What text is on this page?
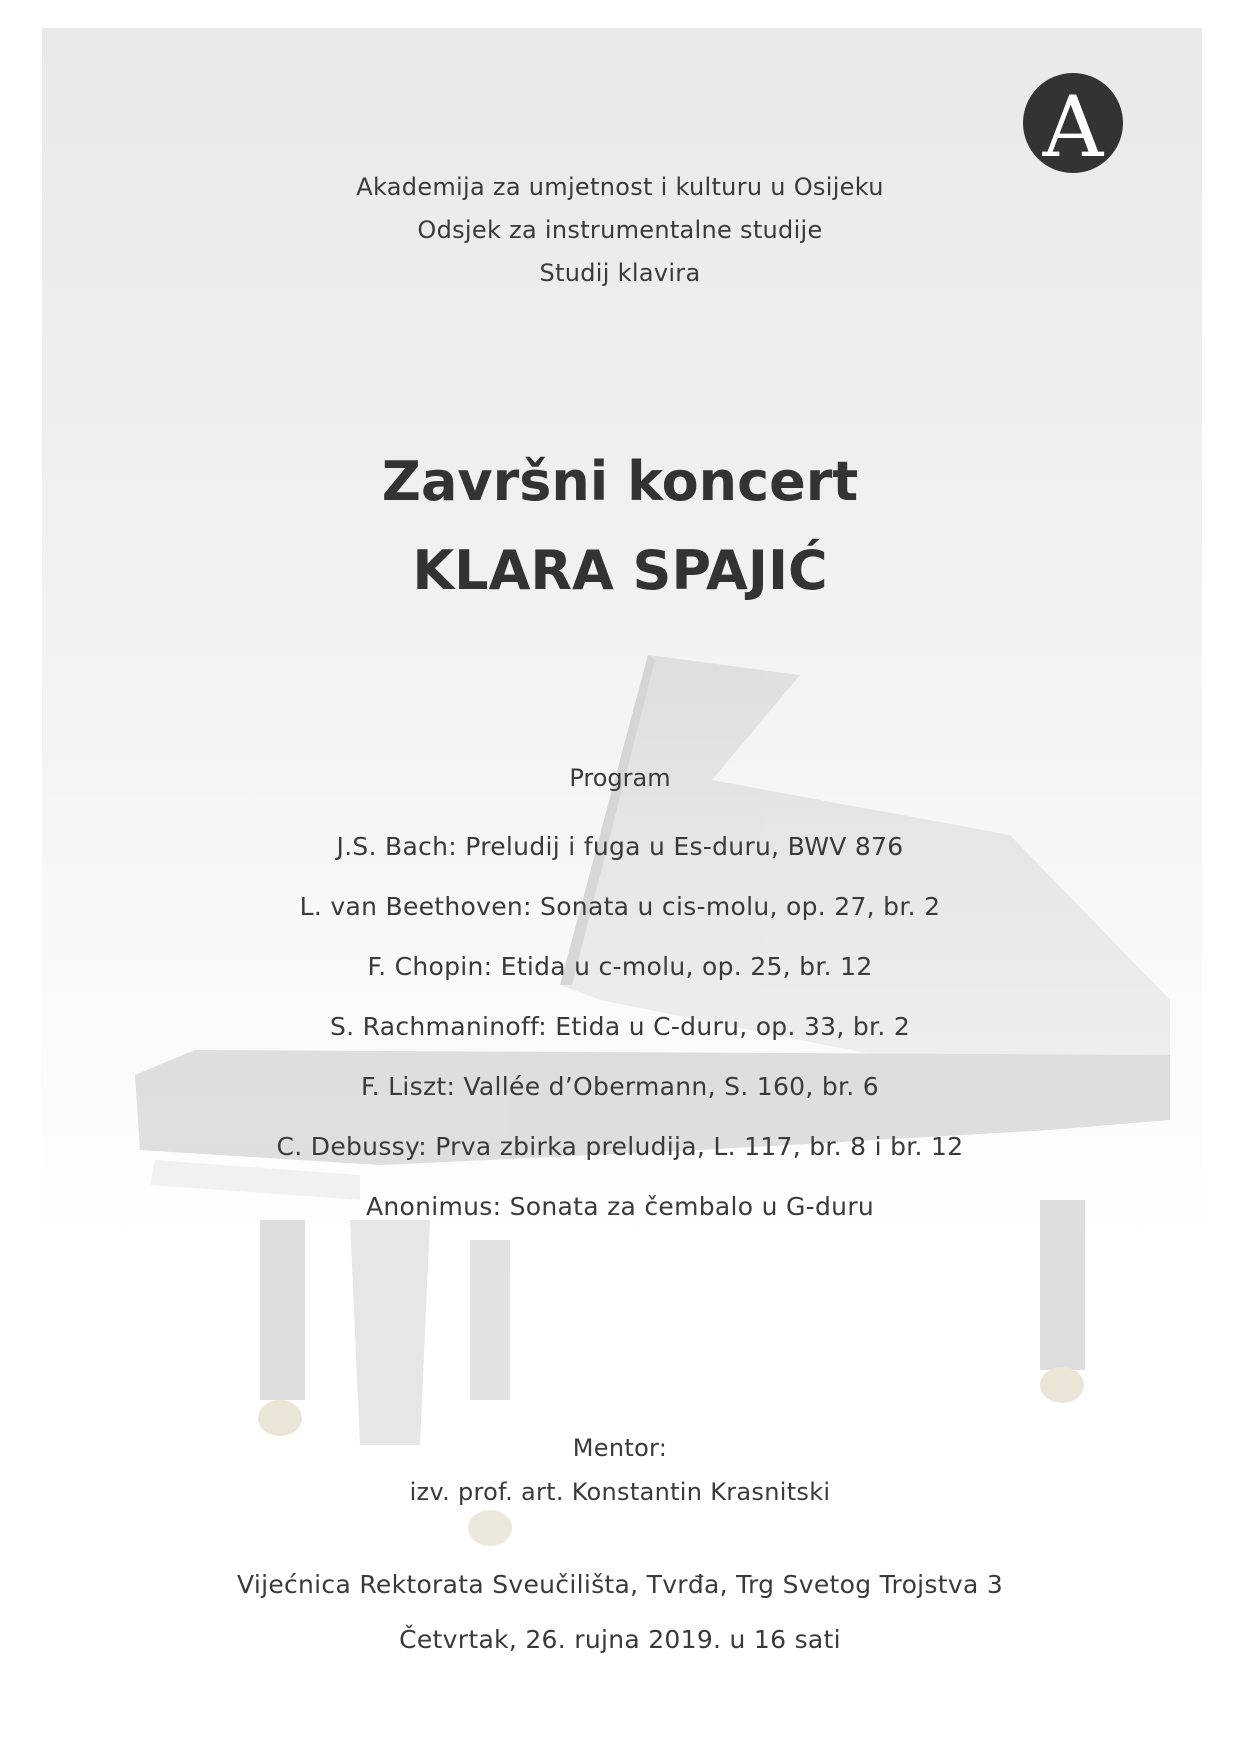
A
Akademija za umjetnost i kulturu u Osijeku
Odsjek za instrumentalne studije
Studij klavira
Završni koncert
KLARA SPAJIĆ
Program
J.S. Bach: Preludij i fuga u Es-duru, BWV 876
L. van Beethoven: Sonata u cis-molu, op. 27, br. 2
F. Chopin: Etida u c-molu, op. 25, br. 12
S. Rachmaninoff: Etida u C-duru, op. 33, br. 2
F. Liszt: Vallée d’Obermann, S. 160, br. 6
C. Debussy: Prva zbirka preludija, L. 117, br. 8 i br. 12
Anonimus: Sonata za čembalo u G-duru
Mentor:
izv. prof. art. Konstantin Krasnitski
Vijećnica Rektorata Sveučilišta, Tvrđa, Trg Svetog Trojstva 3
Četvrtak, 26. rujna 2019. u 16 sati
